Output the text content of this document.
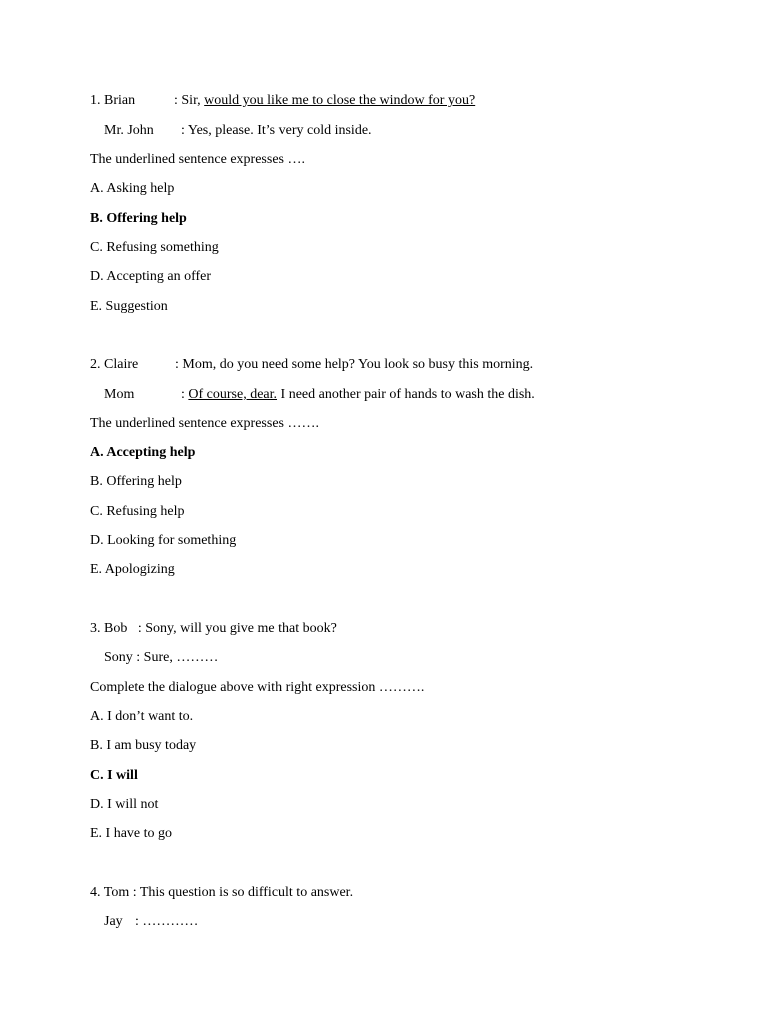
1. Brian	: Sir, would you like me to close the window for you?
Mr. John : Yes, please. It’s very cold inside.
The underlined sentence expresses ….
A. Asking help
B. Offering help
C. Refusing something
D. Accepting an offer
E. Suggestion
2. Claire	: Mom, do you need some help? You look so busy this morning.
Mom	: Of course, dear. I need another pair of hands to wash the dish.
The underlined sentence expresses …….
A. Accepting help
B. Offering help
C. Refusing help
D. Looking for something
E. Apologizing
3. Bob   : Sony, will you give me that book?
Sony : Sure, ………
Complete the dialogue above with right expression ……….
A. I don’t want to.
B. I am busy today
C. I will
D. I will not
E. I have to go
4. Tom : This question is so difficult to answer.
Jay : …………
